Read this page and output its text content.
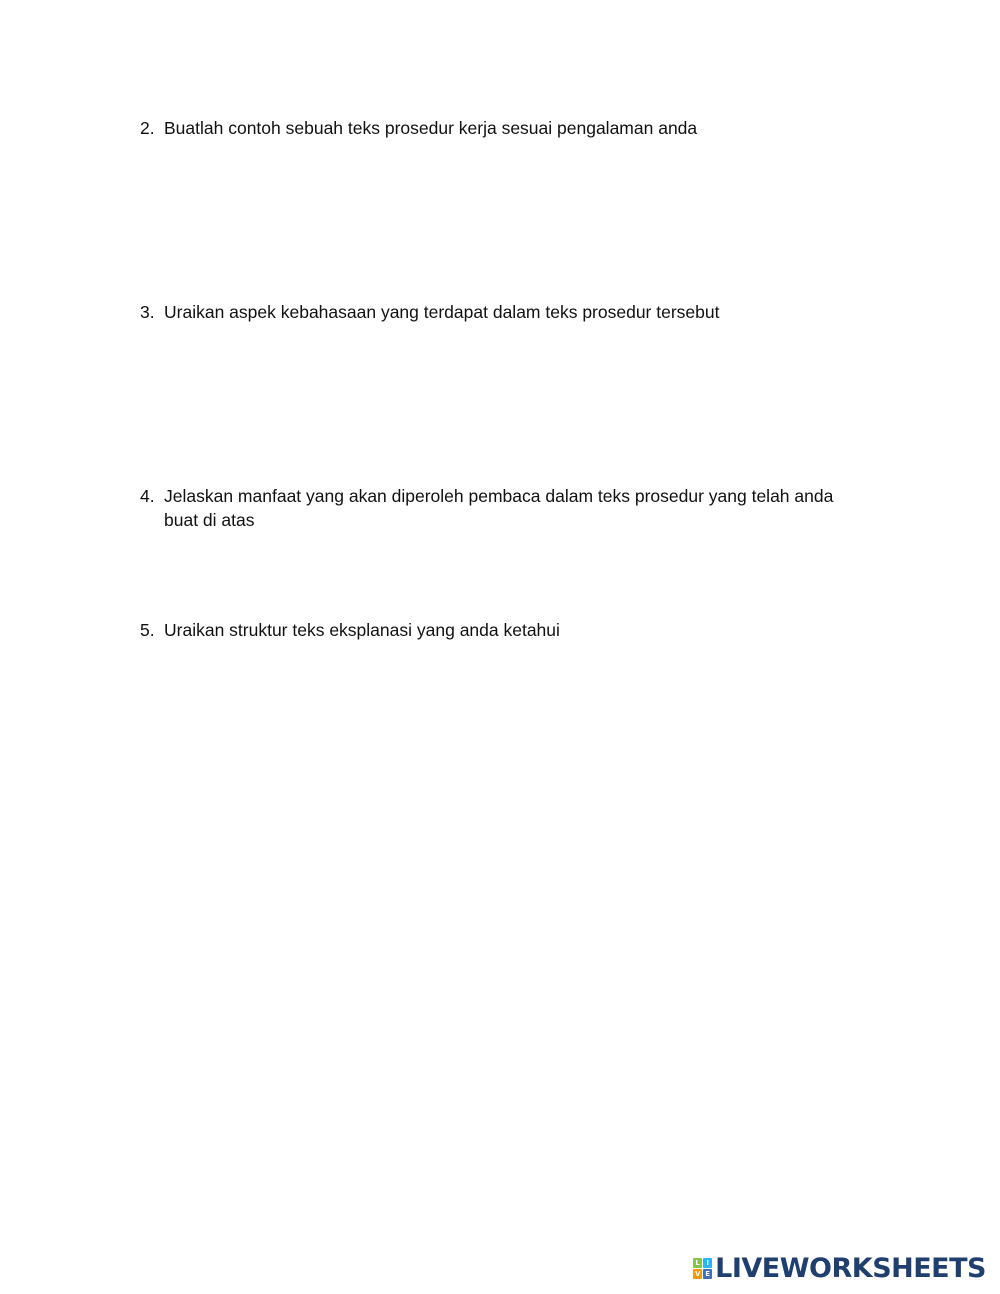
2. Buatlah contoh sebuah teks prosedur kerja sesuai pengalaman anda
3. Uraikan aspek kebahasaan yang terdapat dalam teks prosedur tersebut
4. Jelaskan manfaat yang akan diperoleh pembaca dalam teks prosedur yang telah anda buat di atas
5. Uraikan struktur teks eksplanasi yang anda ketahui
L I
V E LIVEWORKSHEETS
